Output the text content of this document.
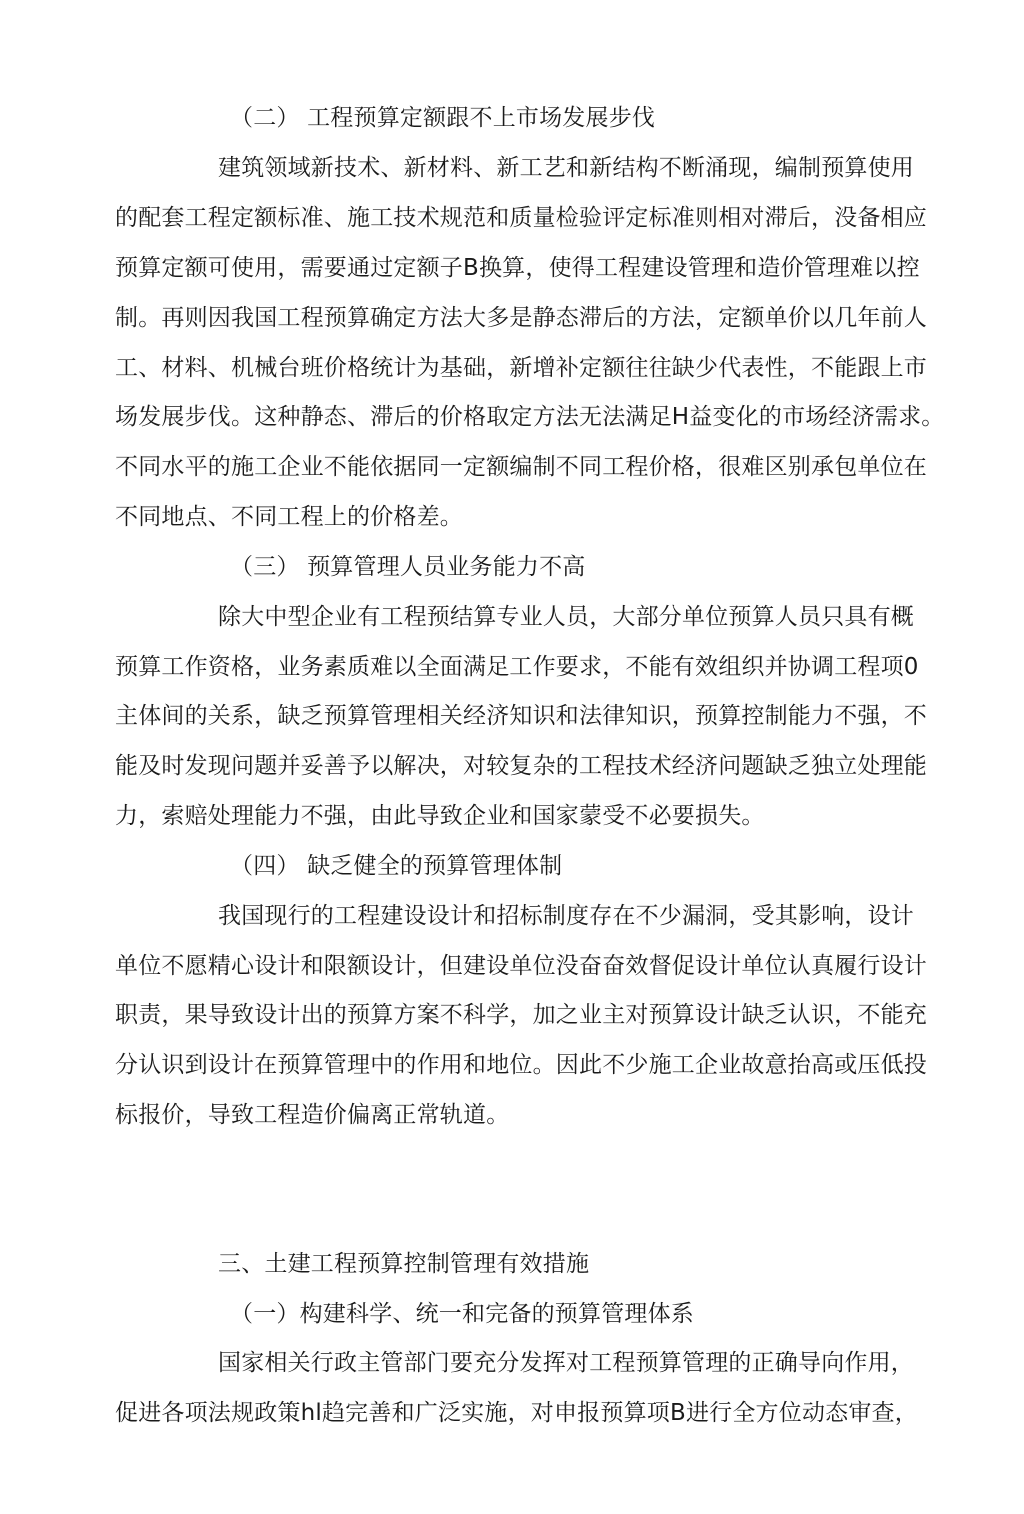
（二） 工程预算定额跟不上市场发展步伐

建筑领域新技术、新材料、新工艺和新结构不断涌现，编制预算使用

的配套工程定额标准、施工技术规范和质量检验评定标准则相对滞后，没备相应

预算定额可使用，需要通过定额子B换算，使得工程建设管理和造价管理难以控

制。再则因我国工程预算确定方法大多是静态滞后的方法，定额单价以几年前人

工、材料、机械台班价格统计为基础，新增补定额往往缺少代表性，不能跟上市

场发展步伐。这种静态、滞后的价格取定方法无法满足H益变化的市场经济需求。

不同水平的施工企业不能依据同一定额编制不同工程价格，很难区别承包单位在

不同地点、不同工程上的价格差。

（三） 预算管理人员业务能力不高

除大中型企业有工程预结算专业人员，大部分单位预算人员只具有概

预算工作资格，业务素质难以全面满足工作要求，不能有效组织并协调工程项0

主体间的关系，缺乏预算管理相关经济知识和法律知识，预算控制能力不强，不

能及时发现问题并妥善予以解决，对较复杂的工程技术经济问题缺乏独立处理能

力，索赔处理能力不强，由此导致企业和国家蒙受不必要损失。

（四） 缺乏健全的预算管理体制

我国现行的工程建设设计和招标制度存在不少漏洞，受其影响，设计

单位不愿精心设计和限额设计，但建设单位没奋奋效督促设计单位认真履行设计

职责，果导致设计出的预算方案不科学，加之业主对预算设计缺乏认识，不能充

分认识到设计在预算管理中的作用和地位。因此不少施工企业故意抬高或压低投

标报价，导致工程造价偏离正常轨道。

三、土建工程预算控制管理有效措施

（一）构建科学、统一和完备的预算管理体系

国家相关行政主管部门要充分发挥对工程预算管理的正确导向作用，

促进各项法规政策hl趋完善和广泛实施，对申报预算项B进行全方位动态审查，
